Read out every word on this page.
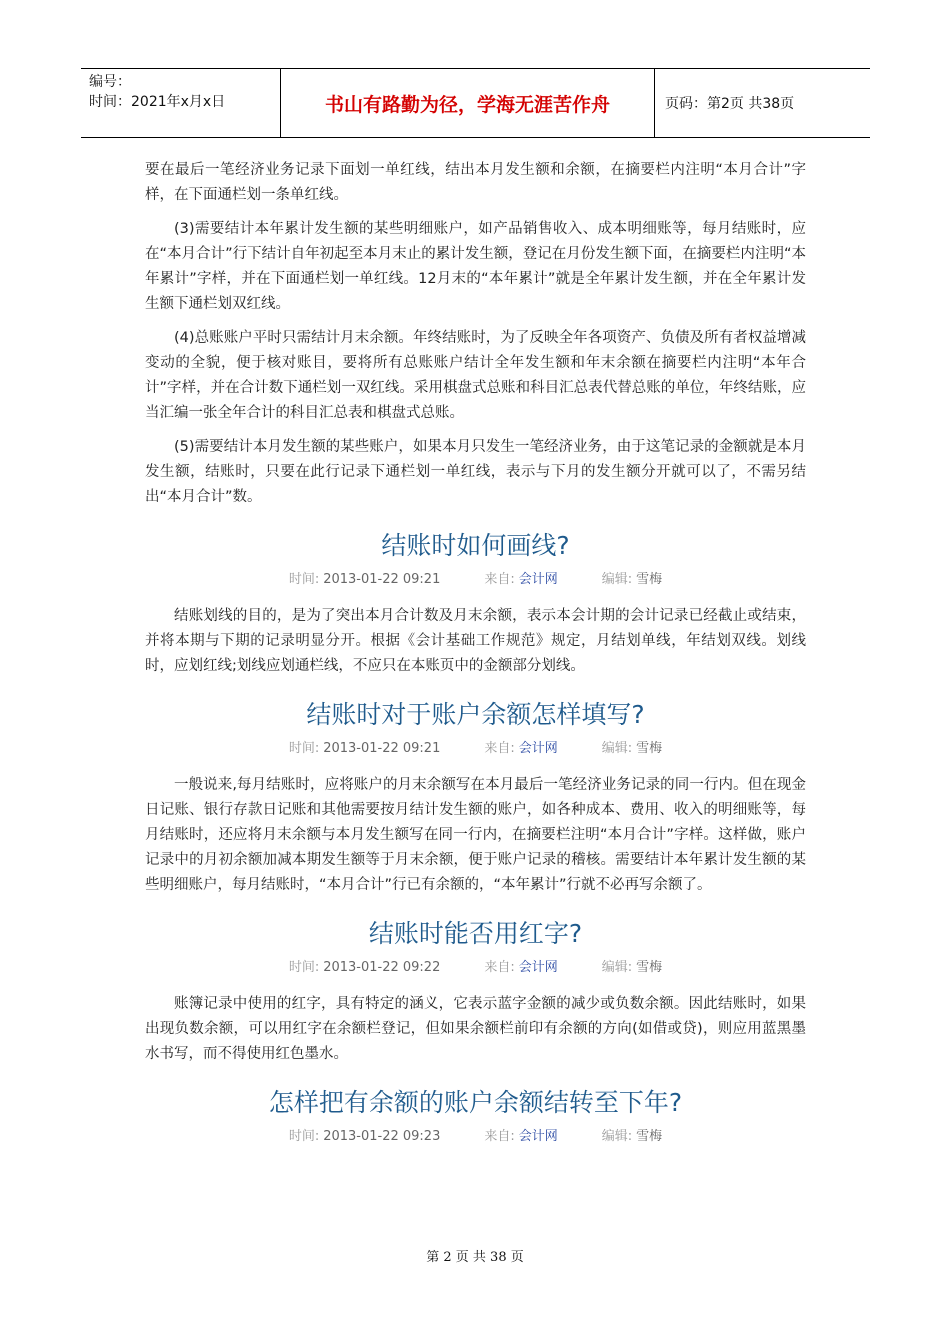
编号：
时间：2021年x月x日	书山有路勤为径，学海无涯苦作舟	页码：第2页 共38页

要在最后一笔经济业务记录下面划一单红线，结出本月发生额和余额，在摘要栏内注明“本月合计”字样，在下面通栏划一条单红线。

(3)需要结计本年累计发生额的某些明细账户，如产品销售收入、成本明细账等，每月结账时，应在“本月合计”行下结计自年初起至本月末止的累计发生额，登记在月份发生额下面，在摘要栏内注明“本年累计”字样，并在下面通栏划一单红线。12月末的“本年累计”就是全年累计发生额，并在全年累计发生额下通栏划双红线。

(4)总账账户平时只需结计月末余额。年终结账时，为了反映全年各项资产、负债及所有者权益增减变动的全貌，便于核对账目，要将所有总账账户结计全年发生额和年末余额在摘要栏内注明“本年合计”字样，并在合计数下通栏划一双红线。采用棋盘式总账和科目汇总表代替总账的单位，年终结账，应当汇编一张全年合计的科目汇总表和棋盘式总账。

(5)需要结计本月发生额的某些账户，如果本月只发生一笔经济业务，由于这笔记录的金额就是本月发生额，结账时，只要在此行记录下通栏划一单红线，表示与下月的发生额分开就可以了，不需另结出“本月合计”数。

结账时如何画线?
时间: 2013-01-22 09:21	来自: 会计网	编辑: 雪梅

结账划线的目的，是为了突出本月合计数及月末余额，表示本会计期的会计记录已经截止或结束，并将本期与下期的记录明显分开。根据《会计基础工作规范》规定，月结划单线，年结划双线。划线时，应划红线;划线应划通栏线，不应只在本账页中的金额部分划线。

结账时对于账户余额怎样填写?
时间: 2013-01-22 09:21	来自: 会计网	编辑: 雪梅

一般说来,每月结账时，应将账户的月末余额写在本月最后一笔经济业务记录的同一行内。但在现金日记账、银行存款日记账和其他需要按月结计发生额的账户，如各种成本、费用、收入的明细账等，每月结账时，还应将月末余额与本月发生额写在同一行内，在摘要栏注明“本月合计”字样。这样做，账户记录中的月初余额加减本期发生额等于月末余额，便于账户记录的稽核。需要结计本年累计发生额的某些明细账户，每月结账时，“本月合计”行已有余额的，“本年累计”行就不必再写余额了。

结账时能否用红字?
时间: 2013-01-22 09:22	来自: 会计网	编辑: 雪梅

账簿记录中使用的红字，具有特定的涵义，它表示蓝字金额的减少或负数余额。因此结账时，如果出现负数余额，可以用红字在余额栏登记，但如果余额栏前印有余额的方向(如借或贷)，则应用蓝黑墨水书写，而不得使用红色墨水。

怎样把有余额的账户余额结转至下年?
时间: 2013-01-22 09:23	来自: 会计网	编辑: 雪梅
第 2 页 共 38 页
